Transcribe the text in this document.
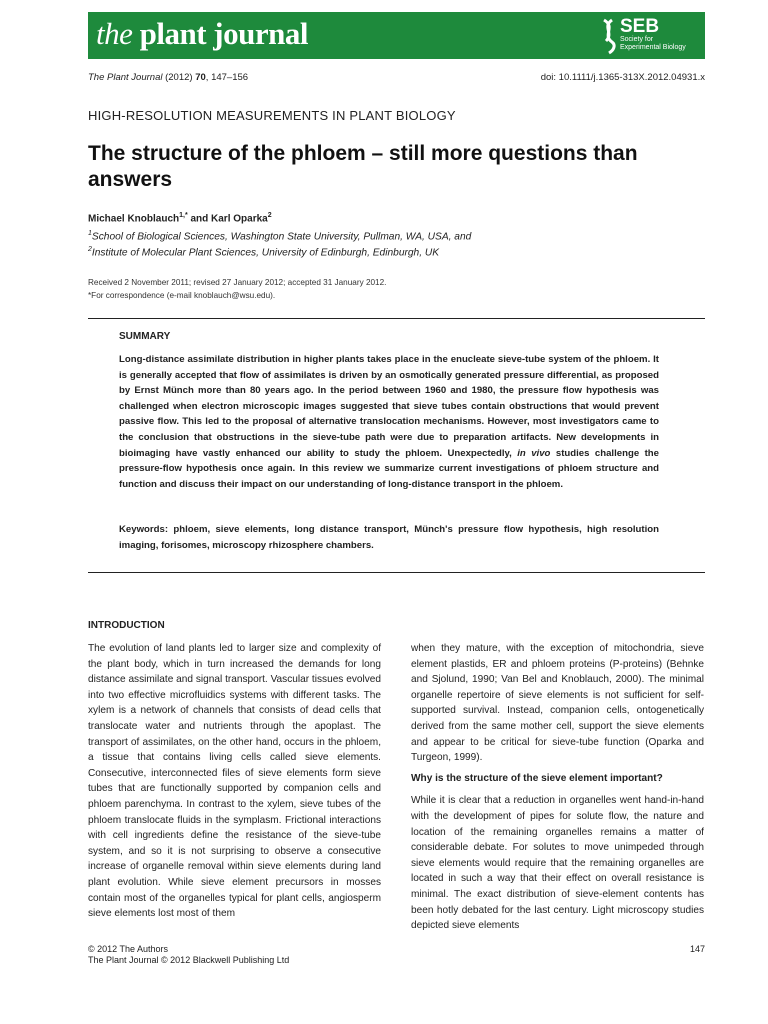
the plant journal	SEB
Society for
Experimental Biology
The Plant Journal (2012) 70, 147–156	doi: 10.1111/j.1365-313X.2012.04931.x
HIGH-RESOLUTION MEASUREMENTS IN PLANT BIOLOGY
The structure of the phloem – still more questions than answers
Michael Knoblauch$^{1,*}$ and Karl Oparka$^2$
$^1$School of Biological Sciences, Washington State University, Pullman, WA, USA, and
$^2$Institute of Molecular Plant Sciences, University of Edinburgh, Edinburgh, UK
Received 2 November 2011; revised 27 January 2012; accepted 31 January 2012.
*For correspondence (e-mail knoblauch@wsu.edu).
SUMMARY
Long-distance assimilate distribution in higher plants takes place in the enucleate sieve-tube system of the phloem. It is generally accepted that flow of assimilates is driven by an osmotically generated pressure differential, as proposed by Ernst Münch more than 80 years ago. In the period between 1960 and 1980, the pressure flow hypothesis was challenged when electron microscopic images suggested that sieve tubes contain obstructions that would prevent passive flow. This led to the proposal of alternative translocation mechanisms. However, most investigators came to the conclusion that obstructions in the sieve-tube path were due to preparation artifacts. New developments in bioimaging have vastly enhanced our ability to study the phloem. Unexpectedly, in vivo studies challenge the pressure-flow hypothesis once again. In this review we summarize current investigations of phloem structure and function and discuss their impact on our understanding of long-distance transport in the phloem.
Keywords: phloem, sieve elements, long distance transport, Münch's pressure flow hypothesis, high resolution imaging, forisomes, microscopy rhizosphere chambers.
INTRODUCTION

The evolution of land plants led to larger size and complexity of the plant body, which in turn increased the demands for long distance assimilate and signal transport. Vascular tissues evolved into two effective microfluidics systems with different tasks. The xylem is a network of channels that consists of dead cells that translocate water and nutrients through the apoplast. The transport of assimilates, on the other hand, occurs in the phloem, a tissue that contains living cells called sieve elements. Consecutive, interconnected files of sieve elements form sieve tubes that are functionally supported by companion cells and phloem parenchyma. In contrast to the xylem, sieve tubes of the phloem translocate fluids in the symplasm. Frictional interactions with cell ingredients define the resistance of the sieve-tube system, and so it is not surprising to observe a consecutive increase of organelle removal within sieve elements during land plant evolution. While sieve element precursors in mosses contain most of the organelles typical for plant cells, angiosperm sieve elements lost most of them

when they mature, with the exception of mitochondria, sieve element plastids, ER and phloem proteins (P-proteins) (Behnke and Sjolund, 1990; Van Bel and Knoblauch, 2000). The minimal organelle repertoire of sieve elements is not sufficient for self-supported survival. Instead, companion cells, ontogenetically derived from the same mother cell, support the sieve elements and appear to be critical for sieve-tube function (Oparka and Turgeon, 1999).

Why is the structure of the sieve element important?

While it is clear that a reduction in organelles went hand-in-hand with the development of pipes for solute flow, the nature and location of the remaining organelles remains a matter of considerable debate. For solutes to move unimpeded through sieve elements would require that the remaining organelles are located in such a way that their effect on overall resistance is minimal. The exact distribution of sieve-element contents has been hotly debated for the last century. Light microscopy studies depicted sieve elements

© 2012 The Authors
The Plant Journal © 2012 Blackwell Publishing Ltd
147
